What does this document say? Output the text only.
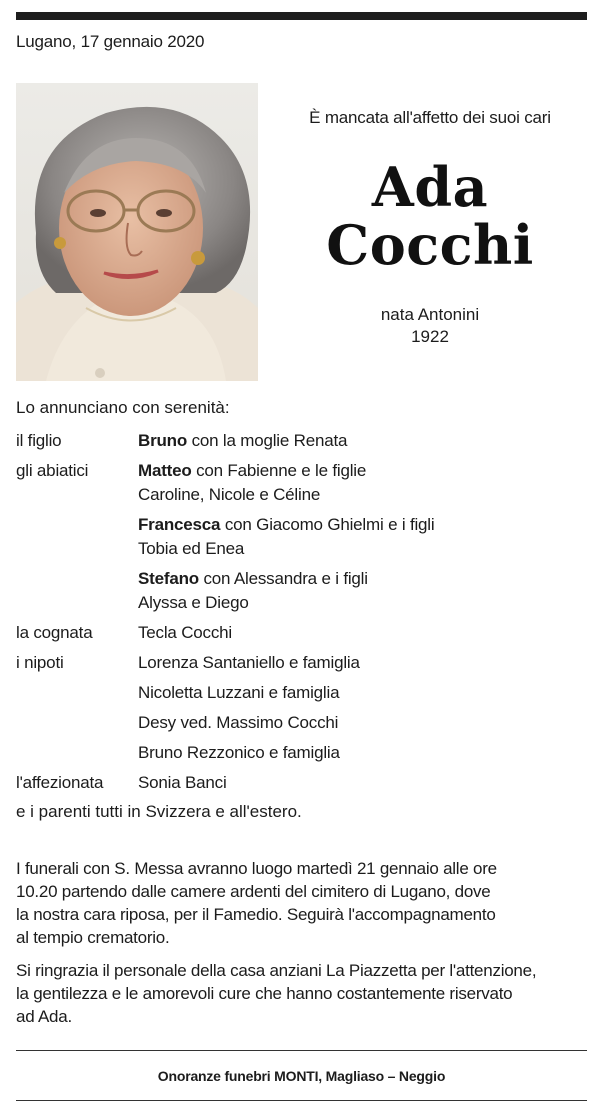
Lugano, 17 gennaio 2020
È mancata all'affetto dei suoi cari
Ada
Cocchi
nata Antonini
1922
Lo annunciano con serenità:
il figlio	Bruno con la moglie Renata
gli abiatici	Matteo con Fabienne e le figlie
Caroline, Nicole e Céline
Francesca con Giacomo Ghielmi e i figli
Tobia ed Enea
Stefano con Alessandra e i figli
Alyssa e Diego
la cognata	Tecla Cocchi
i nipoti	Lorenza Santaniello e famiglia
Nicoletta Luzzani e famiglia
Desy ved. Massimo Cocchi
Bruno Rezzonico e famiglia
l'affezionata Sonia Banci
e i parenti tutti in Svizzera e all'estero.
I funerali con S. Messa avranno luogo martedì 21 gennaio alle ore
10.20 partendo dalle camere ardenti del cimitero di Lugano, dove
la nostra cara riposa, per il Famedio. Seguirà l'accompagnamento
al tempio crematorio.
Si ringrazia il personale della casa anziani La Piazzetta per l'attenzione,
la gentilezza e le amorevoli cure che hanno costantemente riservato
ad Ada.
Onoranze funebri MONTI, Magliaso – Neggio
